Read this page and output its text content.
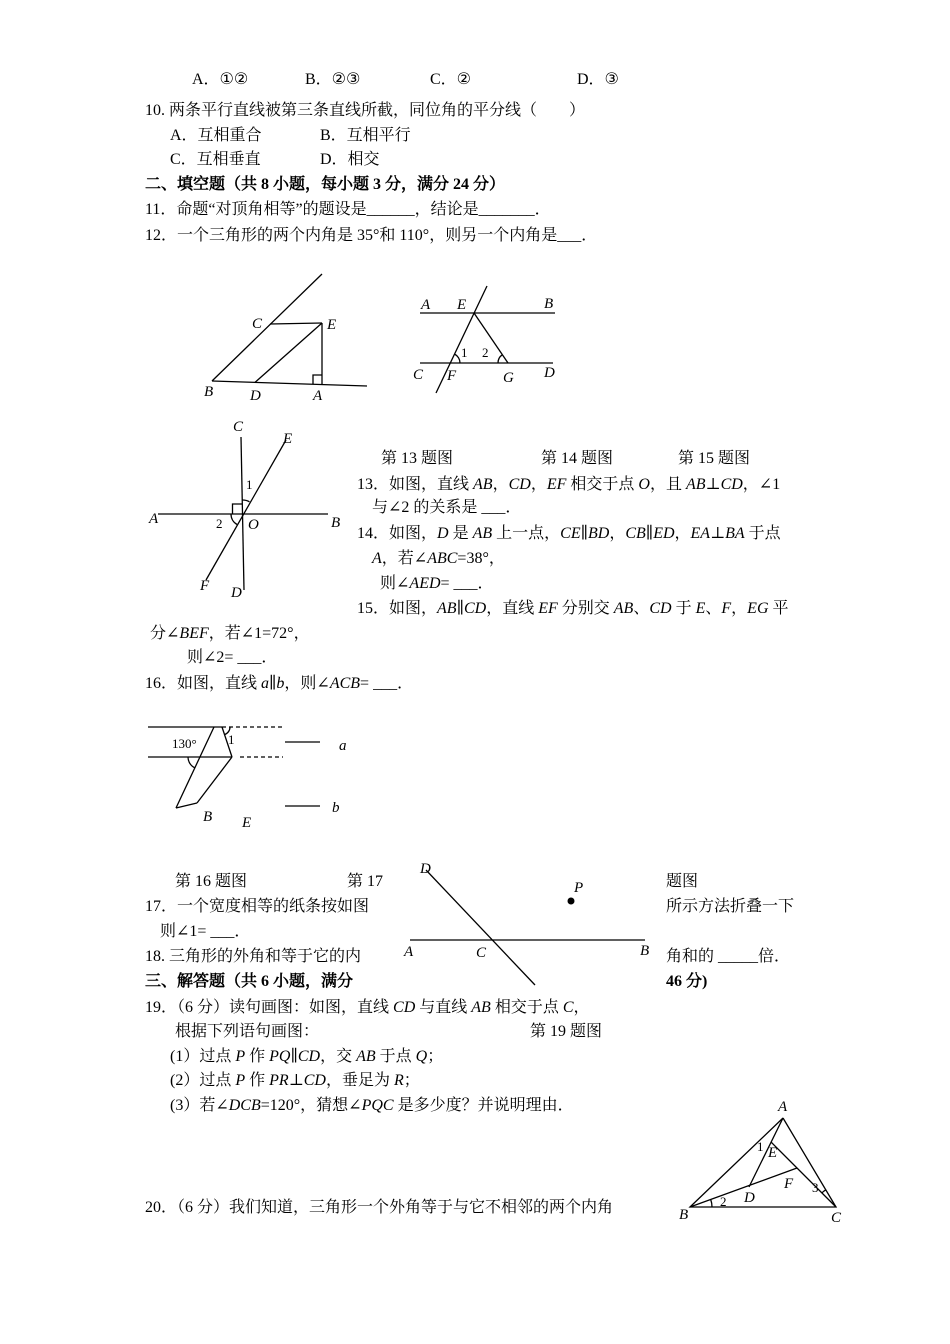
C	E
B D	A
A E	B
1 2
C F	G D
C
E
1
A	2 O	B
F D
130° 1	a
b
B E
D
P
A	C	B
A
1 E
F 3
D
B
2
C
A．①②	B．②③	C．②	D．③
10. 两条平行直线被第三条直线所截，同位角的平分线（　　）
A．互相重合	B．互相平行
C．互相垂直	D．相交
二、填空题（共 8 小题，每小题 3 分，满分 24 分）
11．命题“对顶角相等”的题设是______，结论是_______．
12．一个三角形的两个内角是 35°和 110°，则另一个内角是___．
第 13 题图	第 14 题图	第 15 题图
13．如图，直线 AB，CD，EF 相交于点 O，且 AB⊥CD，∠1
与∠2 的关系是 ___．
14．如图，D 是 AB 上一点，CE∥BD，CB∥ED，EA⊥BA 于点
A，若∠ABC=38°，
则∠AED= ___．
15．如图，AB∥CD，直线 EF 分别交 AB、CD 于 E、F，EG 平
分∠BEF，若∠1=72°，
则∠2= ___．
16．如图，直线 a∥b，则∠ACB= ___．
第 16 题图	第 17	题图
17．一个宽度相等的纸条按如图	所示方法折叠一下
则∠1= ___．
18. 三角形的外角和等于它的内	角和的 _____倍．
三、解答题（共 6 小题，满分	46 分)
19．（6 分）读句画图：如图，直线 CD 与直线 AB 相交于点 C，
根据下列语句画图：	第 19 题图
(1）过点 P 作 PQ∥CD，交 AB 于点 Q；
(2）过点 P 作 PR⊥CD，垂足为 R；
(3）若∠DCB=120°，猜想∠PQC 是多少度？并说明理由．
20．（6 分）我们知道，三角形一个外角等于与它不相邻的两个内角
